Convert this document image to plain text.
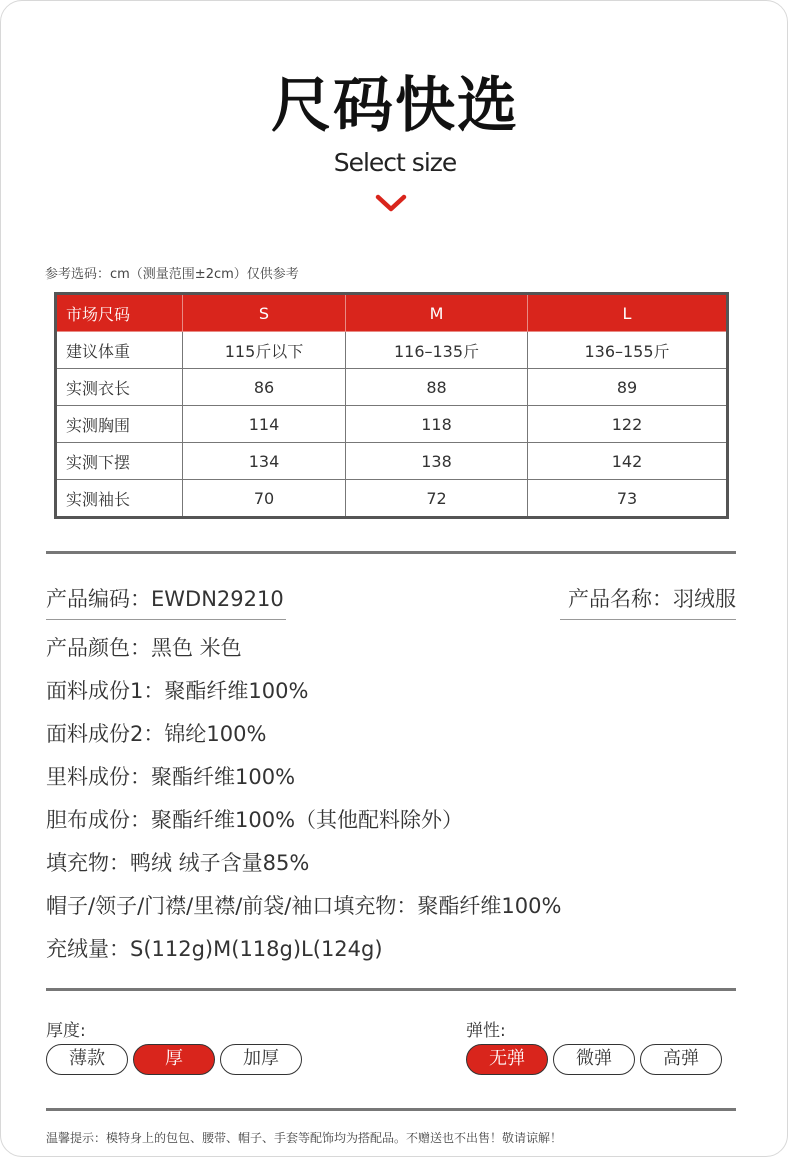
尺码快选
Select size
参考选码：cm（测量范围±2cm）仅供参考
市场尺码	S	M	L
建议体重	115斤以下	116–135斤	136–155斤
实测衣长	86	88	89
实测胸围	114	118	122
实测下摆	134	138	142
实测袖长	70	72	73
产品编码：EWDN29210	产品名称：羽绒服
产品颜色：黑色 米色
面料成份1：聚酯纤维100%
面料成份2：锦纶100%
里料成份：聚酯纤维100%
胆布成份：聚酯纤维100%（其他配料除外）
填充物：鸭绒 绒子含量85%
帽子/领子/门襟/里襟/前袋/袖口填充物：聚酯纤维100%
充绒量：S(112g)M(118g)L(124g)
厚度:
薄款	厚	加厚
弹性:
无弹	微弹	高弹
温馨提示：模特身上的包包、腰带、帽子、手套等配饰均为搭配品。不赠送也不出售！敬请谅解！
